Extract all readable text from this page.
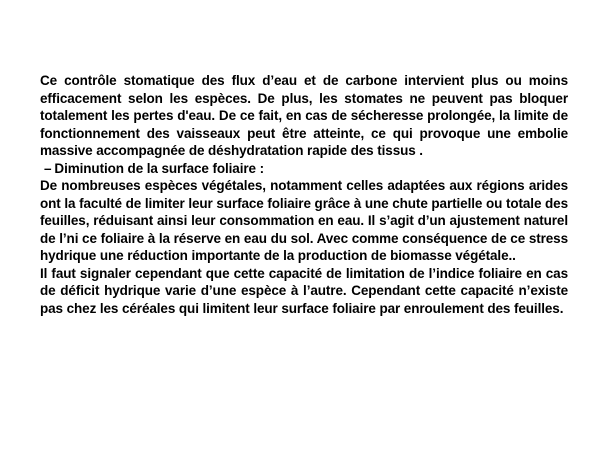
Ce contrôle stomatique des flux d’eau et de carbone intervient plus ou moins efficacement selon les espèces. De plus, les stomates ne peuvent pas bloquer totalement les pertes d'eau. De ce fait, en cas de sécheresse prolongée, la limite de fonctionnement des vaisseaux peut être atteinte, ce qui provoque une embolie massive accompagnée de déshydratation rapide des tissus .

– Diminution de la surface foliaire :

De nombreuses espèces végétales, notamment celles adaptées aux régions arides ont la faculté de limiter leur surface foliaire grâce à une chute partielle ou totale des feuilles, réduisant ainsi leur consommation en eau. Il s’agit d’un ajustement naturel de l’ni ce foliaire à la réserve en eau du sol. Avec comme conséquence de ce stress hydrique une réduction importante de la production de biomasse végétale..

Il faut signaler cependant que cette capacité de limitation de l’indice foliaire en cas de déficit hydrique varie d’une espèce à l’autre. Cependant cette capacité n’existe pas chez les céréales qui limitent leur surface foliaire par enroulement des feuilles.
